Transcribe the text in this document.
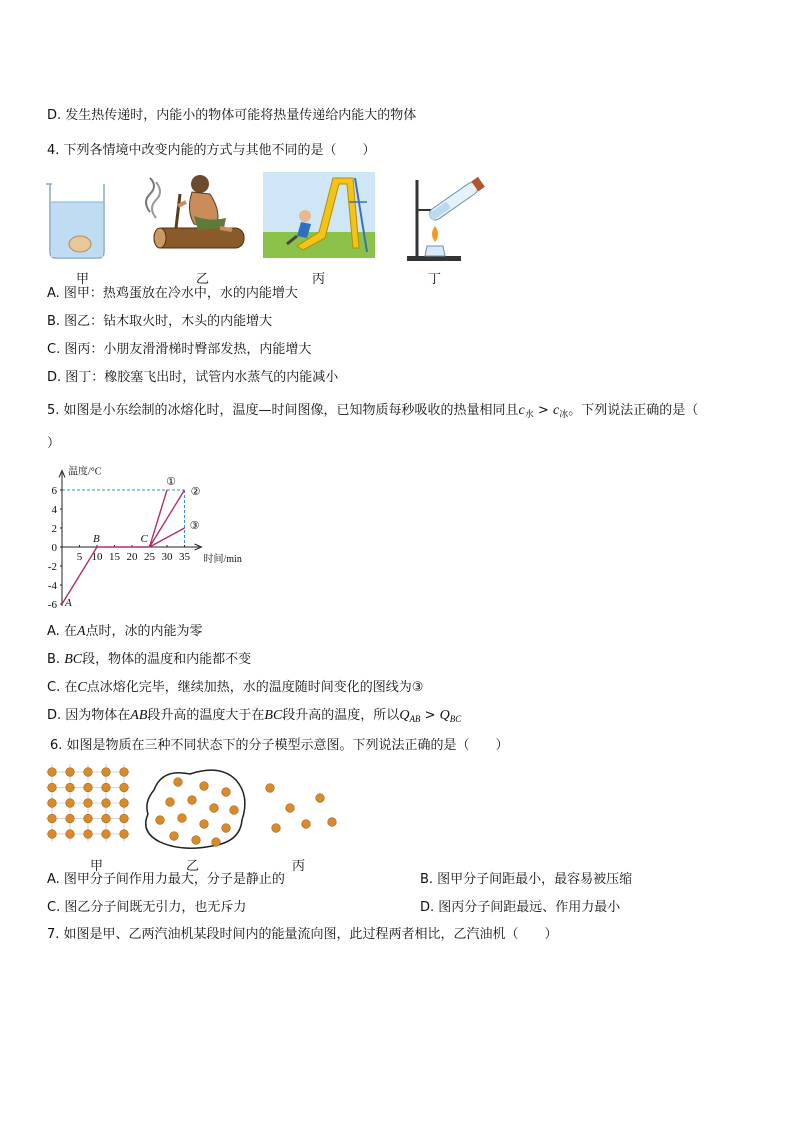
D. 发生热传递时，内能小的物体可能将热量传递给内能大的物体
4. 下列各情境中改变内能的方式与其他不同的是（　　）
甲	乙	丙	丁
A. 图甲：热鸡蛋放在冷水中，水的内能增大
B. 图乙：钻木取火时，木头的内能增大
C. 图丙：小朋友滑滑梯时臀部发热，内能增大
D. 图丁：橡胶塞飞出时，试管内水蒸气的内能减小
5. 如图是小东绘制的冰熔化时，温度—时间图像，已知物质每秒吸收的热量相同且$c_水 > c_冰$。下列说法正确的是（
）
6
4
2
0
-2
-4
-6
5 10 15 20 25 30 35
温度/°C
时间/min
A
B	C
①
②
③
A. 在A点时，冰的内能为零
B. BC段，物体的温度和内能都不变
C. 在C点冰熔化完毕，继续加热，水的温度随时间变化的图线为③
D. 因为物体在AB段升高的温度大于在BC段升高的温度，所以$Q_{AB} > Q_{BC}$
6. 如图是物质在三种不同状态下的分子模型示意图。下列说法正确的是（　　）
甲	乙	丙
A. 图甲分子间作用力最大，分子是静止的	B. 图甲分子间距最小，最容易被压缩
C. 图乙分子间既无引力，也无斥力	D. 图丙分子间距最远、作用力最小
7. 如图是甲、乙两汽油机某段时间内的能量流向图，此过程两者相比，乙汽油机（　　）
